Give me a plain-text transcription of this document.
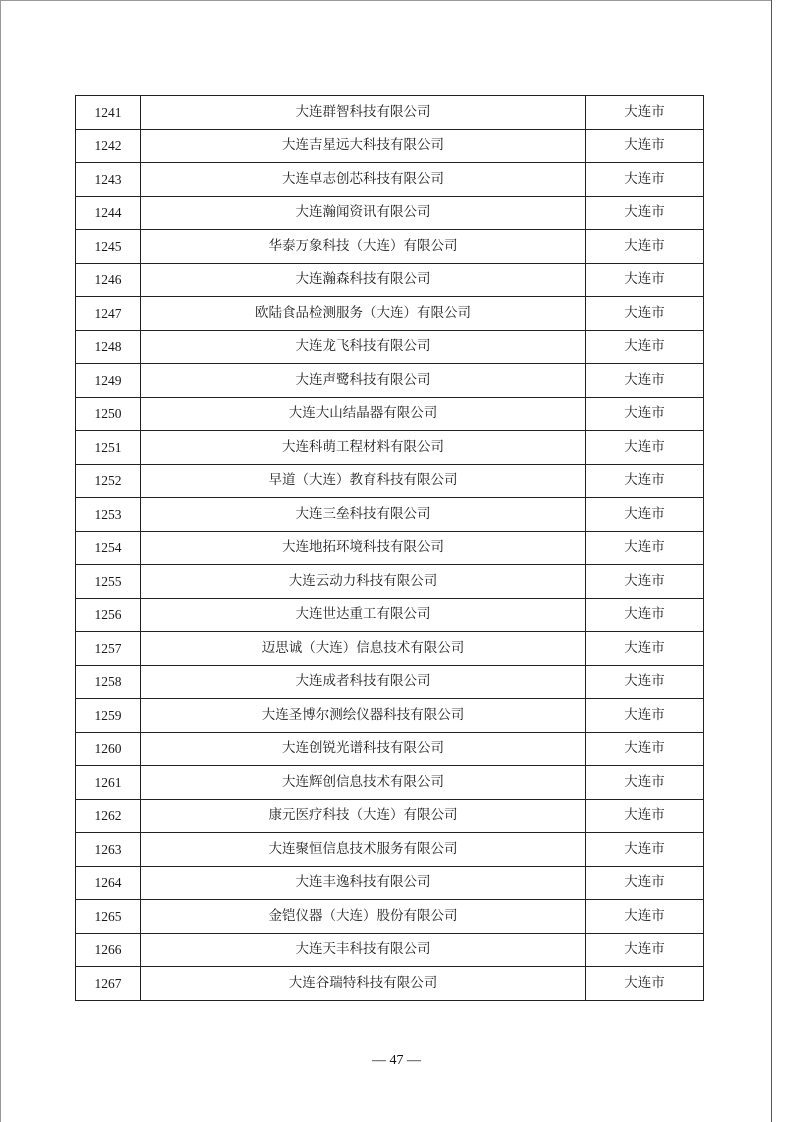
1241	大连群智科技有限公司	大连市
1242	大连吉星远大科技有限公司	大连市
1243	大连卓志创芯科技有限公司	大连市
1244	大连瀚闻资讯有限公司	大连市
1245	华泰万象科技（大连）有限公司	大连市
1246	大连瀚森科技有限公司	大连市
1247	欧陆食品检测服务（大连）有限公司	大连市
1248	大连龙飞科技有限公司	大连市
1249	大连声鹭科技有限公司	大连市
1250	大连大山结晶器有限公司	大连市
1251	大连科萌工程材料有限公司	大连市
1252	早道（大连）教育科技有限公司	大连市
1253	大连三垒科技有限公司	大连市
1254	大连地拓环境科技有限公司	大连市
1255	大连云动力科技有限公司	大连市
1256	大连世达重工有限公司	大连市
1257	迈思诚（大连）信息技术有限公司	大连市
1258	大连成者科技有限公司	大连市
1259	大连圣博尔测绘仪器科技有限公司	大连市
1260	大连创锐光谱科技有限公司	大连市
1261	大连辉创信息技术有限公司	大连市
1262	康元医疗科技（大连）有限公司	大连市
1263	大连聚恒信息技术服务有限公司	大连市
1264	大连丰逸科技有限公司	大连市
1265	金铠仪器（大连）股份有限公司	大连市
1266	大连天丰科技有限公司	大连市
1267	大连谷瑞特科技有限公司	大连市
— 47 —
